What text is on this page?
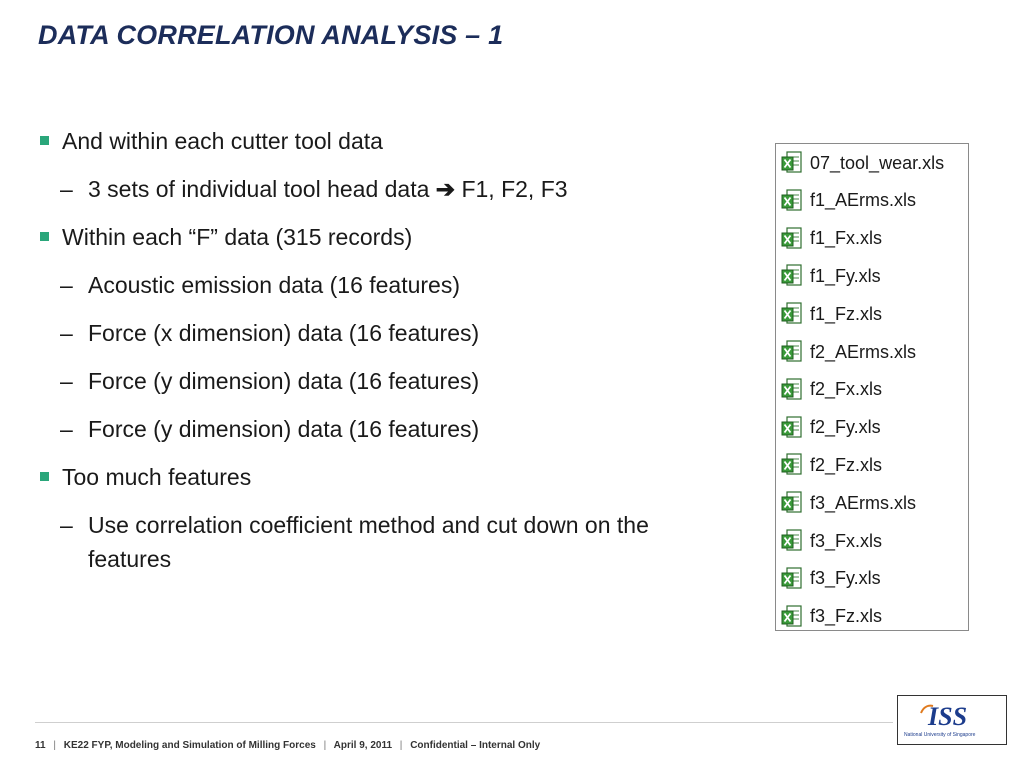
DATA CORRELATION ANALYSIS – 1
And within each cutter tool data
– 3 sets of individual tool head data ➔ F1, F2, F3
Within each “F” data (315 records)
– Acoustic emission data (16 features)
– Force (x dimension) data (16 features)
– Force (y dimension) data (16 features)
– Force (y dimension) data (16 features)
Too much features
– Use correlation coefficient method and cut down on the features
07_tool_wear.xls
f1_AErms.xls
f1_Fx.xls
f1_Fy.xls
f1_Fz.xls
f2_AErms.xls
f2_Fx.xls
f2_Fy.xls
f2_Fz.xls
f3_AErms.xls
f3_Fx.xls
f3_Fy.xls
f3_Fz.xls
11 | KE22 FYP, Modeling and Simulation of Milling Forces | April 9, 2011 | Confidential – Internal Only
ISS
National University of Singapore
